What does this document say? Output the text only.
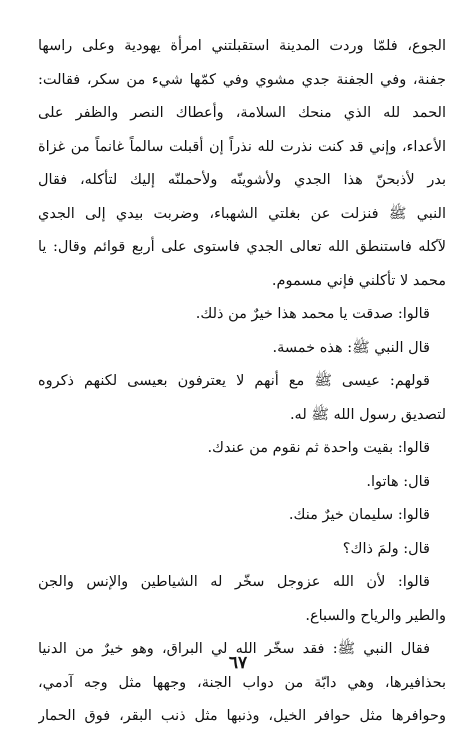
الجوع، فلمّا وردت المدينة استقبلتني امرأة يهودية وعلى راسها
جفنة، وفي الجفنة جدي مشوي وفي كمّها شيء من سكر، فقالت:
الحمد لله الذي منحك السلامة، وأعطاك النصر والظفر على
الأعداء، وإني قد كنت نذرت لله نذراً إن أقبلت سالماً غانماً من غزاة
بدر لأذبحنّ هذا الجدي ولأشوينّه ولأحملنّه إليك لتأكله، فقال
النبي ﷺ فنزلت عن بغلتي الشهباء، وضربت بيدي إلى الجدي
لآكله فاستنطق الله تعالى الجدي فاستوى على أربع قوائم وقال: يا
محمد لا تأكلني فإني مسموم.
قالوا: صدقت يا محمد هذا خيرٌ من ذلك.
قال النبي ﷺ: هذه خمسة.
قولهم: عيسى ﷺ مع أنهم لا يعترفون بعيسى لكنهم ذكروه
لتصديق رسول الله ﷺ له.
قالوا: بقيت واحدة ثم نقوم من عندك.
قال: هاتوا.
قالوا: سليمان خيرٌ منك.
قال: ولمَ ذاك؟
قالوا: لأن الله عزوجل سخّر له الشياطين والإنس والجن
والطير والرياح والسباع.
فقال النبي ﷺ: فقد سخّر الله لي البراق، وهو خيرٌ من الدنيا
بحذافيرها، وهي دابّة من دواب الجنة، وجهها مثل وجه آدمي،
وحوافرها مثل حوافر الخيل، وذنبها مثل ذنب البقر، فوق الحمار
٦٧
